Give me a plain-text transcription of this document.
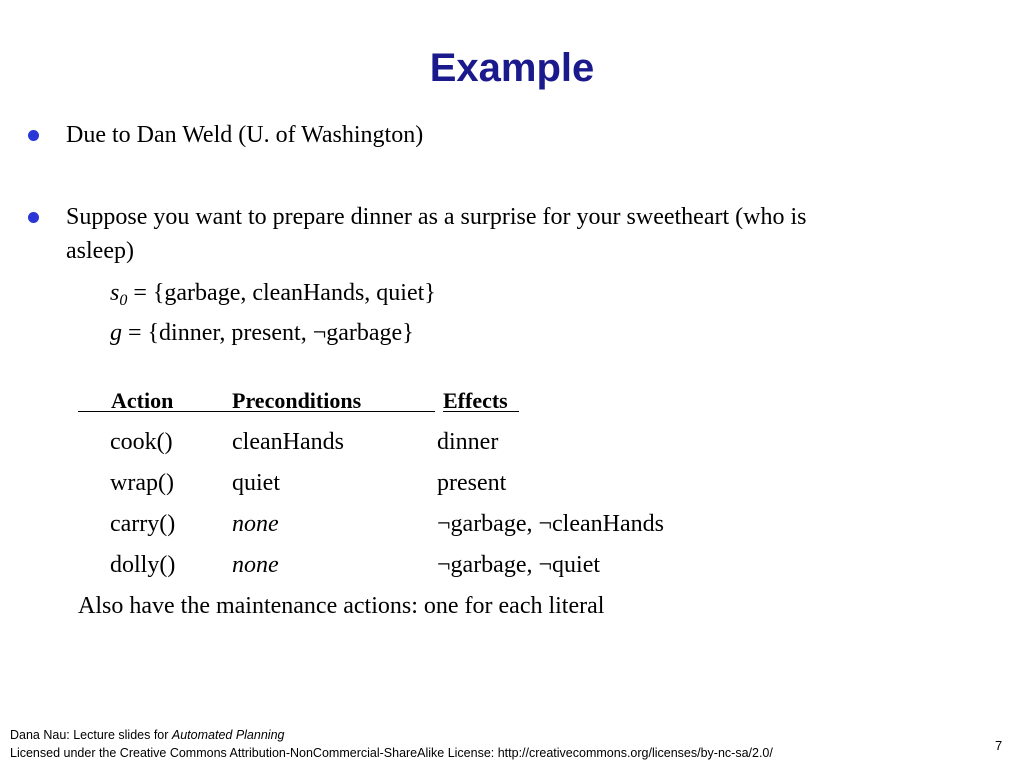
Example
Due to Dan Weld (U. of Washington)
Suppose you want to prepare dinner as a surprise for your sweetheart (who is
asleep)
$s_0$ = {garbage, cleanHands, quiet}
g = {dinner, present, ¬garbage}
Action	Preconditions	Effects
cook() cleanHands	dinner
wrap() quiet	present
carry() none	¬garbage, ¬cleanHands
dolly() none	¬garbage, ¬quiet
Also have the maintenance actions: one for each literal
Dana Nau: Lecture slides for Automated Planning
Licensed under the Creative Commons Attribution-NonCommercial-ShareAlike License: http://creativecommons.org/licenses/by-nc-sa/2.0/	7
